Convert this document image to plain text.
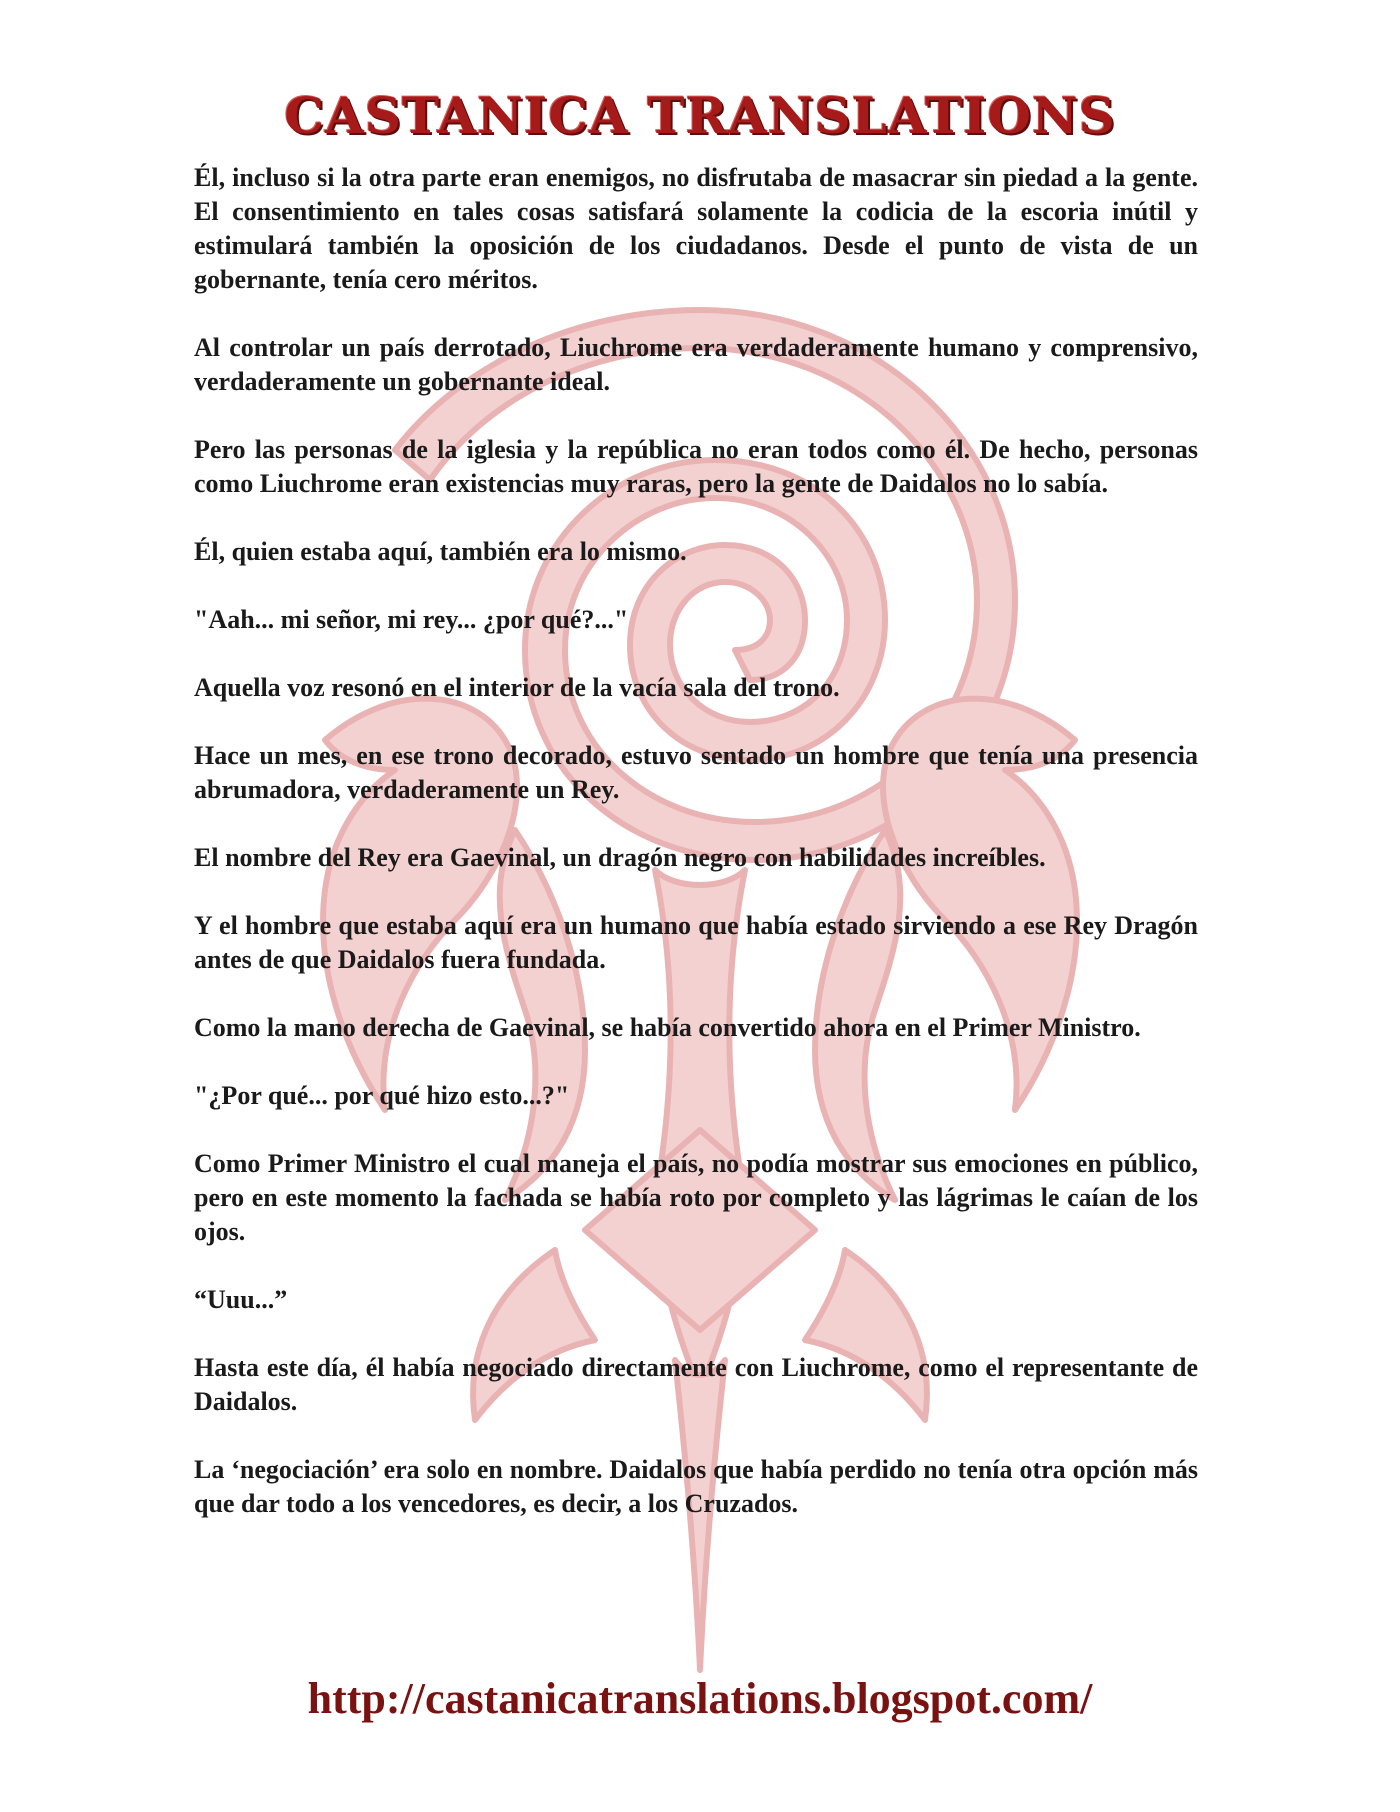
CASTANICA TRANSLATIONS

Él, incluso si la otra parte eran enemigos, no disfrutaba de masacrar sin piedad a la gente. El consentimiento en tales cosas satisfará solamente la codicia de la escoria inútil y estimulará también la oposición de los ciudadanos. Desde el punto de vista de un gobernante, tenía cero méritos.

Al controlar un país derrotado, Liuchrome era verdaderamente humano y comprensivo, verdaderamente un gobernante ideal.

Pero las personas de la iglesia y la república no eran todos como él. De hecho, personas como Liuchrome eran existencias muy raras, pero la gente de Daidalos no lo sabía.

Él, quien estaba aquí, también era lo mismo.

"Aah... mi señor, mi rey... ¿por qué?..."

Aquella voz resonó en el interior de la vacía sala del trono.

Hace un mes, en ese trono decorado, estuvo sentado un hombre que tenía una presencia abrumadora, verdaderamente un Rey.

El nombre del Rey era Gaevinal, un dragón negro con habilidades increíbles.

Y el hombre que estaba aquí era un humano que había estado sirviendo a ese Rey Dragón antes de que Daidalos fuera fundada.

Como la mano derecha de Gaevinal, se había convertido ahora en el Primer Ministro.

"¿Por qué... por qué hizo esto...?"

Como Primer Ministro el cual maneja el país, no podía mostrar sus emociones en público, pero en este momento la fachada se había roto por completo y las lágrimas le caían de los ojos.

“Uuu...”

Hasta este día, él había negociado directamente con Liuchrome, como el representante de Daidalos.

La ‘negociación’ era solo en nombre. Daidalos que había perdido no tenía otra opción más que dar todo a los vencedores, es decir, a los Cruzados.

http://castanicatranslations.blogspot.com/
